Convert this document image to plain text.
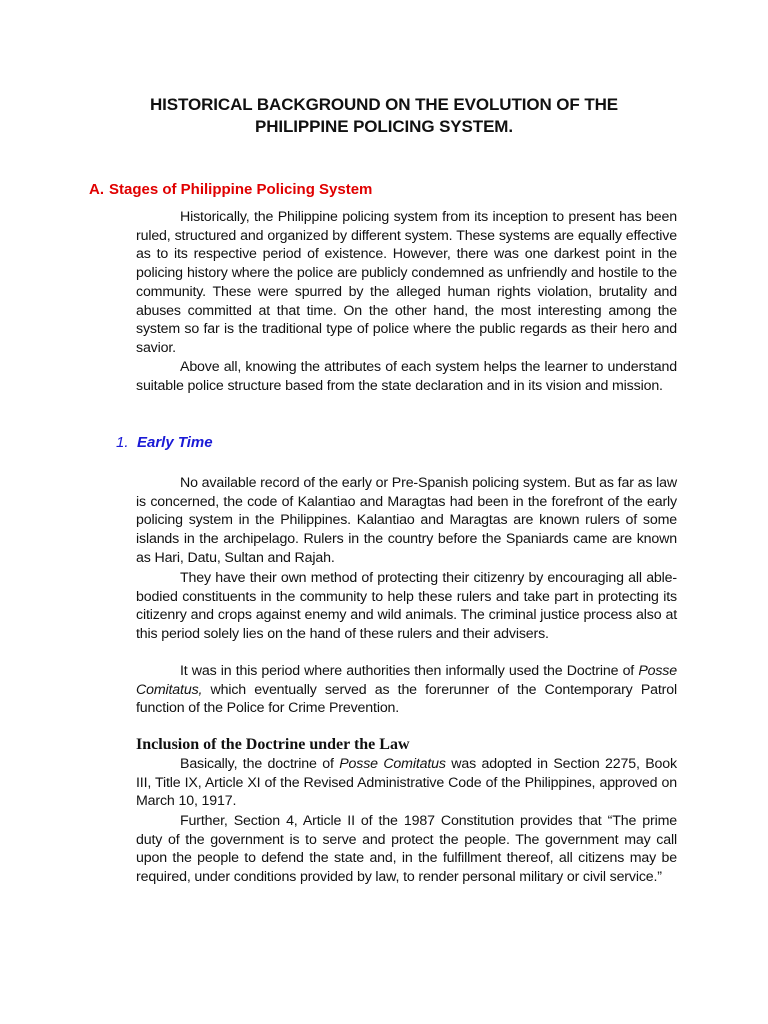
HISTORICAL BACKGROUND ON THE EVOLUTION OF THE
PHILIPPINE POLICING SYSTEM.
A. Stages of Philippine Policing System

Historically, the Philippine policing system from its inception to present has been ruled, structured and organized by different system. These systems are equally effective as to its respective period of existence. However, there was one darkest point in the policing history where the police are publicly condemned as unfriendly and hostile to the community. These were spurred by the alleged human rights violation, brutality and abuses committed at that time. On the other hand, the most interesting among the system so far is the traditional type of police where the public regards as their hero and savior.

Above all, knowing the attributes of each system helps the learner to understand suitable police structure based from the state declaration and in its vision and mission.

1. Early Time

No available record of the early or Pre-Spanish policing system. But as far as law is concerned, the code of Kalantiao and Maragtas had been in the forefront of the early policing system in the Philippines. Kalantiao and Maragtas are known rulers of some islands in the archipelago. Rulers in the country before the Spaniards came are known as Hari, Datu, Sultan and Rajah.

They have their own method of protecting their citizenry by encouraging all able-bodied constituents in the community to help these rulers and take part in protecting its citizenry and crops against enemy and wild animals. The criminal justice process also at this period solely lies on the hand of these rulers and their advisers.

It was in this period where authorities then informally used the Doctrine of Posse Comitatus, which eventually served as the forerunner of the Contemporary Patrol function of the Police for Crime Prevention.

Inclusion of the Doctrine under the Law

Basically, the doctrine of Posse Comitatus was adopted in Section 2275, Book III, Title IX, Article XI of the Revised Administrative Code of the Philippines, approved on March 10, 1917.

Further, Section 4, Article II of the 1987 Constitution provides that “The prime duty of the government is to serve and protect the people. The government may call upon the people to defend the state and, in the fulfillment thereof, all citizens may be required, under conditions provided by law, to render personal military or civil service.”
